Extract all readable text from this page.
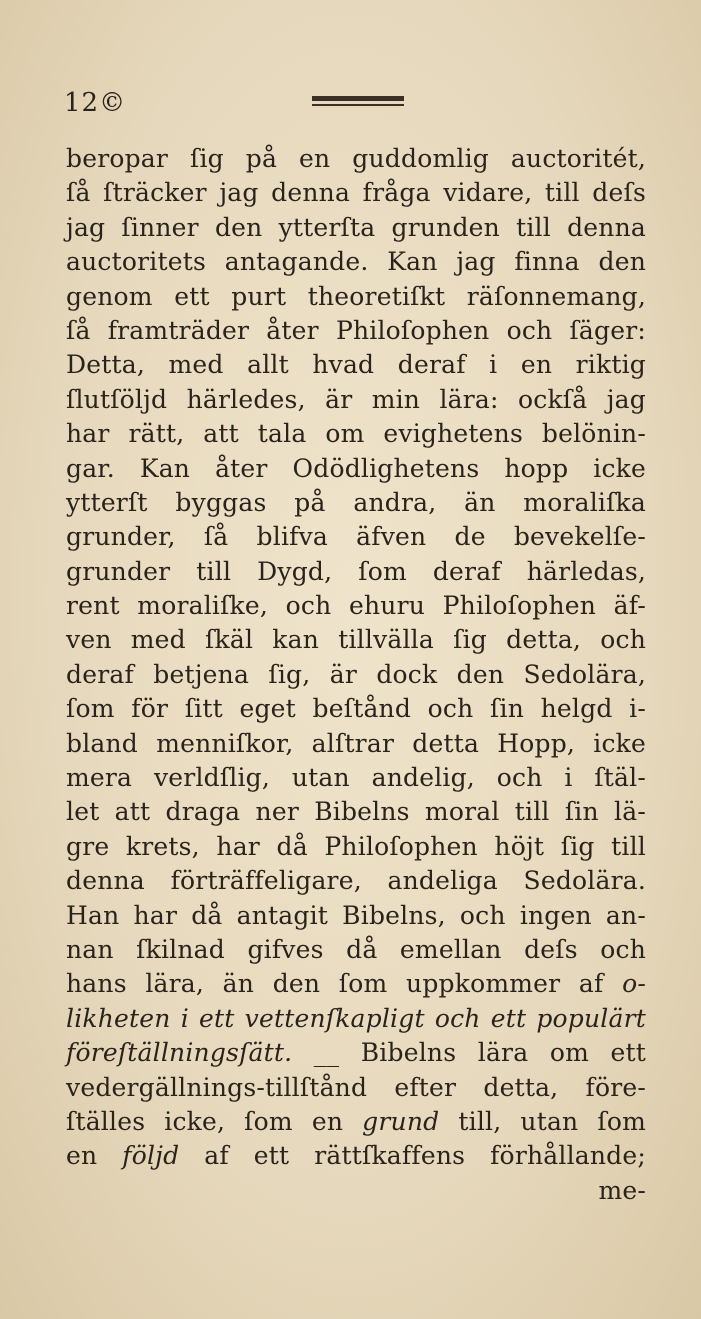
12©
beropar ſig på en guddomlig auctoritét,
ſå ſträcker jag denna fråga vidare, till deſs
jag ſinner den ytterſta grunden till denna
auctoritets antagande. Kan jag finna den
genom ett purt theoretiſkt räſonnemang,
ſå framträder åter Philoſophen och ſäger:
Detta, med allt hvad deraf i en riktig
ſlutſöljd härledes, är min lära: ockſå jag
har rätt, att tala om evighetens belönin-
gar. Kan åter Odödlighetens hopp icke
ytterſt byggas på andra, än moraliſka
grunder, ſå blifva äfven de bevekelſe-
grunder till Dygd, ſom deraf härledas,
rent moraliſke, och ehuru Philoſophen äf-
ven med ſkäl kan tillvälla ſig detta, och
deraf betjena ſig, är dock den Sedolära,
ſom för ſitt eget beſtånd och ſin helgd i-
bland menniſkor, alſtrar detta Hopp, icke
mera verldſlig, utan andelig, och i ſtäl-
let att draga ner Bibelns moral till ſin lä-
gre krets, har då Philoſophen höjt ſig till
denna förträffeligare, andeliga Sedolära.
Han har då antagit Bibelns, och ingen an-
nan ſkilnad gifves då emellan deſs och
hans lära, än den ſom uppkommer af o-
likheten i ett vettenſkapligt och ett populärt
föreſtällningsſätt. __ Bibelns lära om ett
vedergällnings-tillſtånd efter detta, före-
ſtälles icke, ſom en grund till, utan ſom
en följd af ett rättſkaffens förhållande;
me-
